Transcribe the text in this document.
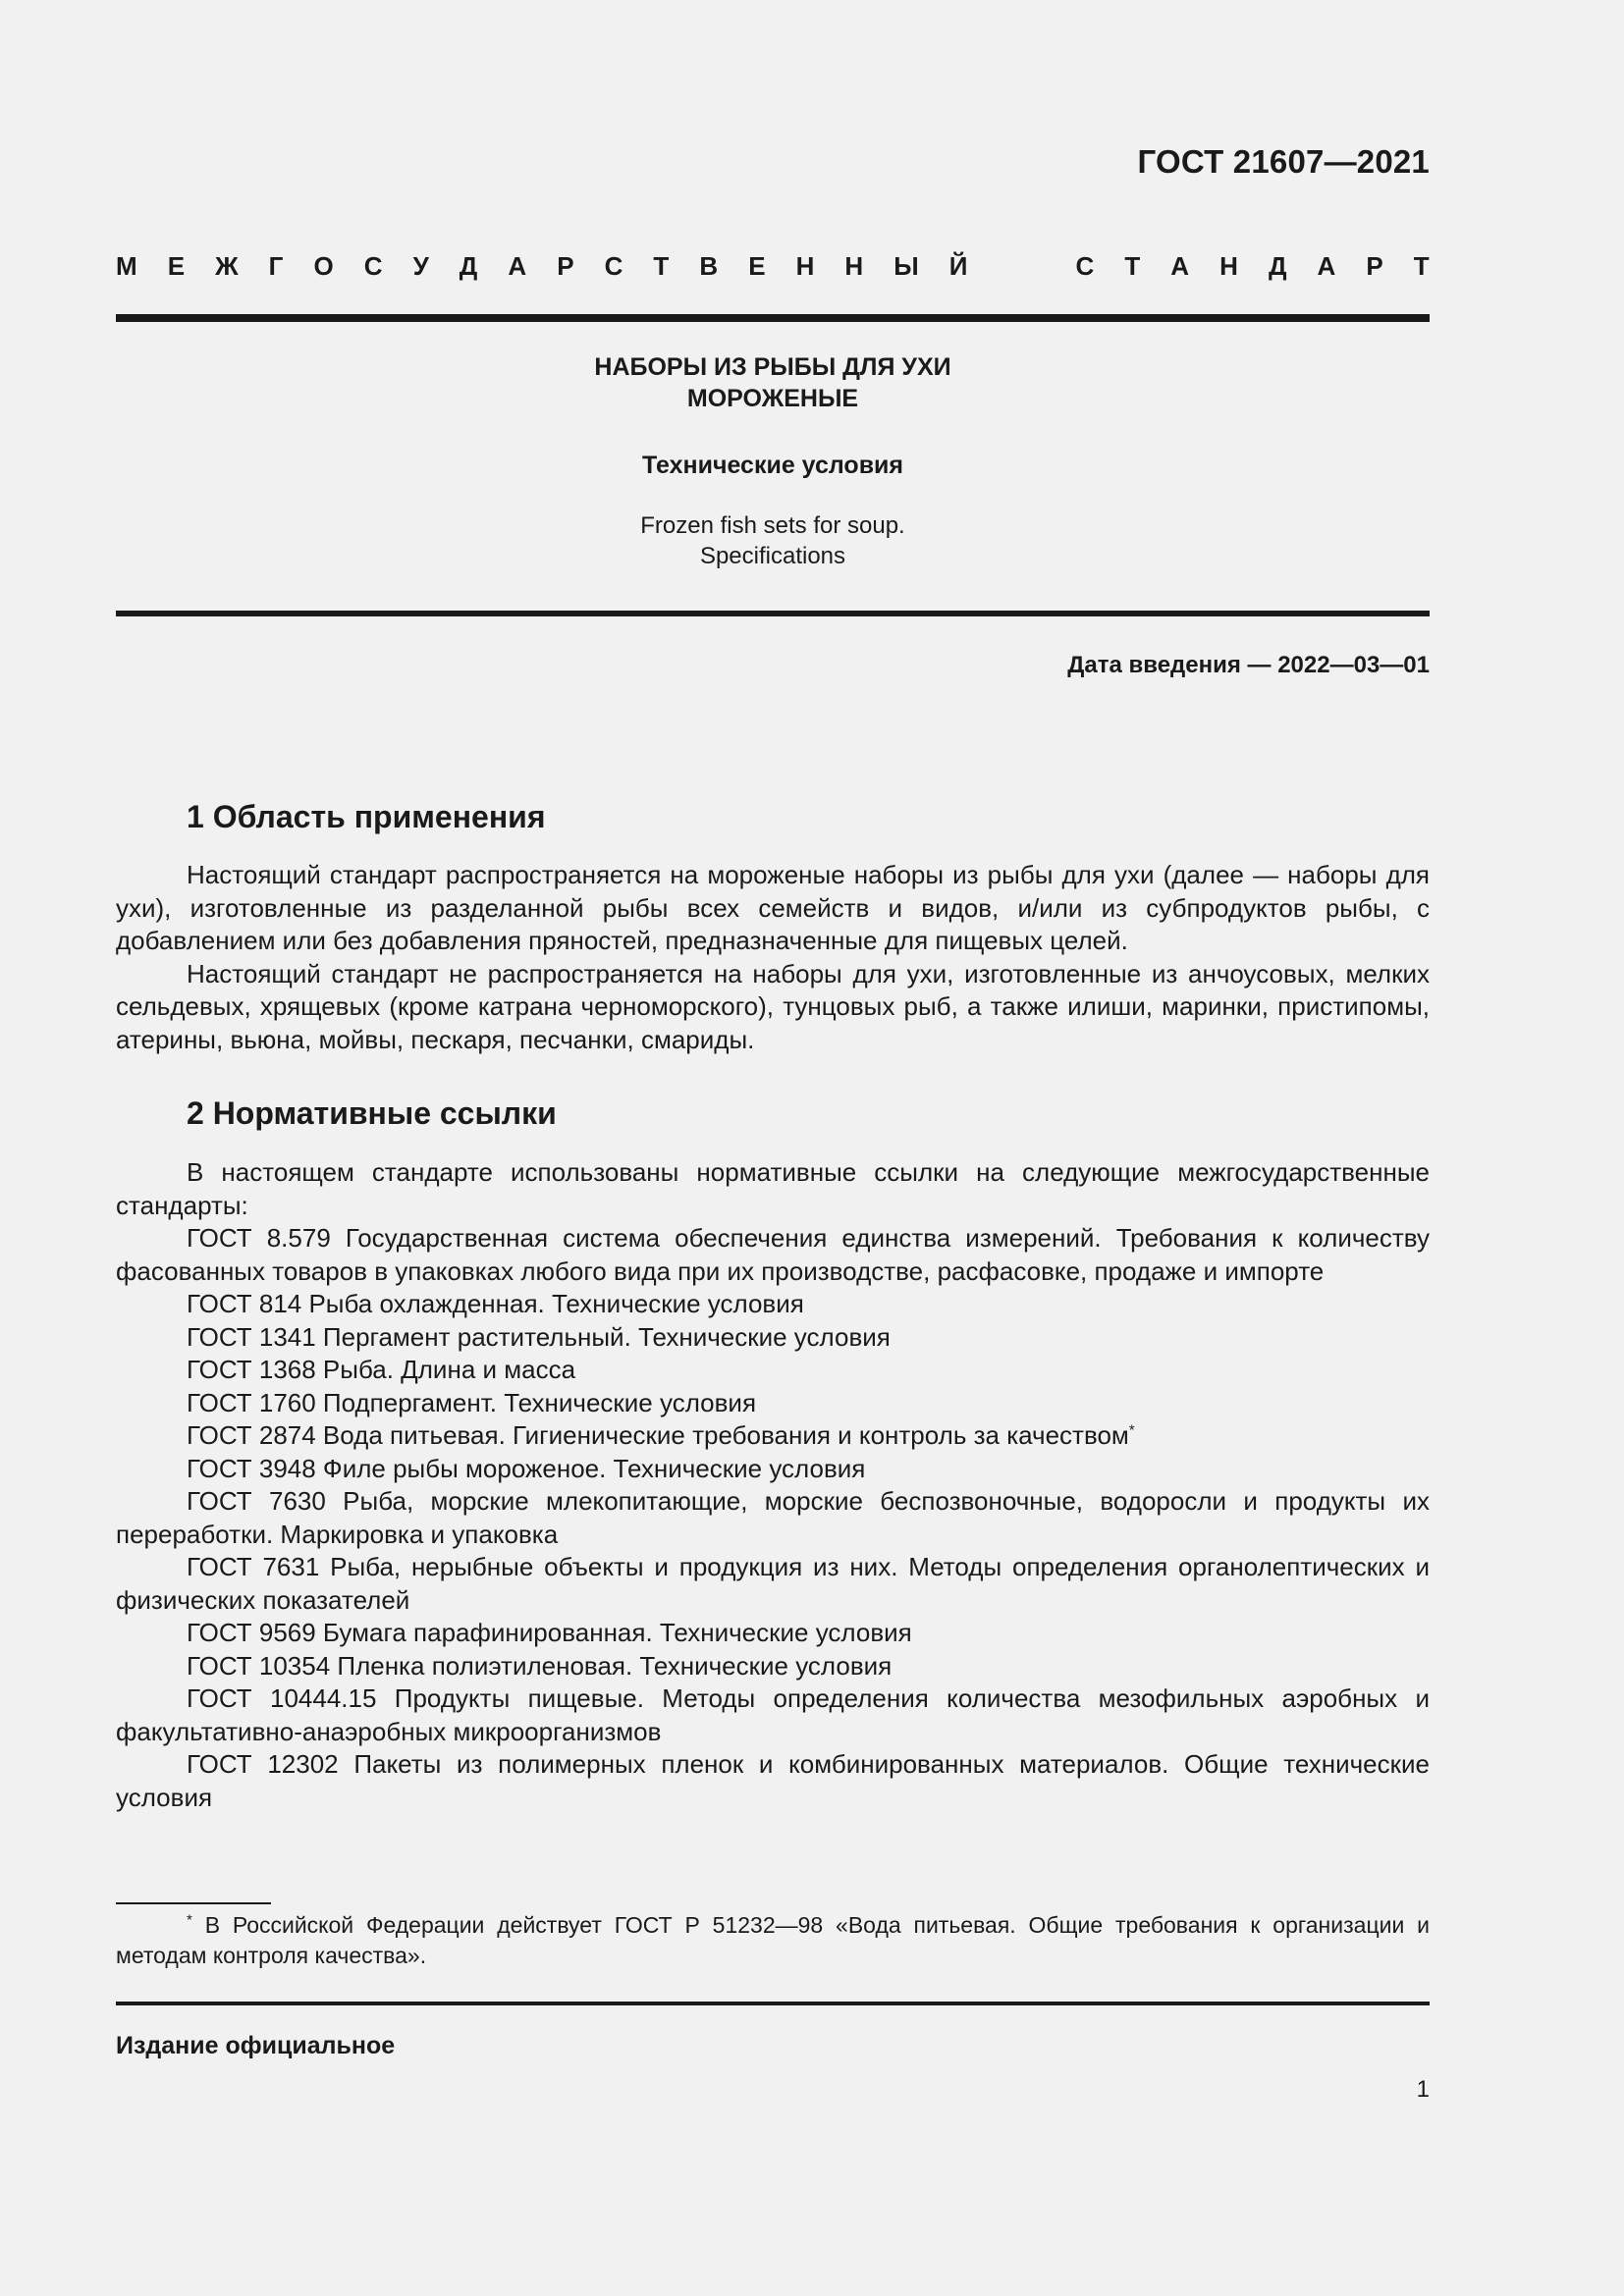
ГОСТ 21607—2021
М Е Ж Г О С У Д А Р С Т В Е Н Н Ы Й	С Т А Н Д А Р Т
НАБОРЫ ИЗ РЫБЫ ДЛЯ УХИ
МОРОЖЕНЫЕ
Технические условия
Frozen fish sets for soup.
Specifications
Дата введения — 2022—03—01
1 Область применения

Настоящий стандарт распространяется на мороженые наборы из рыбы для ухи (далее — наборы для ухи), изготовленные из разделанной рыбы всех семейств и видов, и/или из субпродуктов рыбы, с добавлением или без добавления пряностей, предназначенные для пищевых целей.

Настоящий стандарт не распространяется на наборы для ухи, изготовленные из анчоусовых, мелких сельдевых, хрящевых (кроме катрана черноморского), тунцовых рыб, а также илиши, маринки, пристипомы, атерины, вьюна, мойвы, пескаря, песчанки, смариды.

2 Нормативные ссылки

В настоящем стандарте использованы нормативные ссылки на следующие межгосударственные стандарты:

ГОСТ 8.579 Государственная система обеспечения единства измерений. Требования к количеству фасованных товаров в упаковках любого вида при их производстве, расфасовке, продаже и импорте

ГОСТ 814 Рыба охлажденная. Технические условия

ГОСТ 1341 Пергамент растительный. Технические условия

ГОСТ 1368 Рыба. Длина и масса

ГОСТ 1760 Подпергамент. Технические условия

ГОСТ 2874 Вода питьевая. Гигиенические требования и контроль за качеством*

ГОСТ 3948 Филе рыбы мороженое. Технические условия

ГОСТ 7630 Рыба, морские млекопитающие, морские беспозвоночные, водоросли и продукты их переработки. Маркировка и упаковка

ГОСТ 7631 Рыба, нерыбные объекты и продукция из них. Методы определения органолептических и физических показателей

ГОСТ 9569 Бумага парафинированная. Технические условия

ГОСТ 10354 Пленка полиэтиленовая. Технические условия

ГОСТ 10444.15 Продукты пищевые. Методы определения количества мезофильных аэробных и факультативно-анаэробных микроорганизмов

ГОСТ 12302 Пакеты из полимерных пленок и комбинированных материалов. Общие технические условия

* В Российской Федерации действует ГОСТ Р 51232—98 «Вода питьевая. Общие требования к организации и методам контроля качества».
Издание официальное
1
